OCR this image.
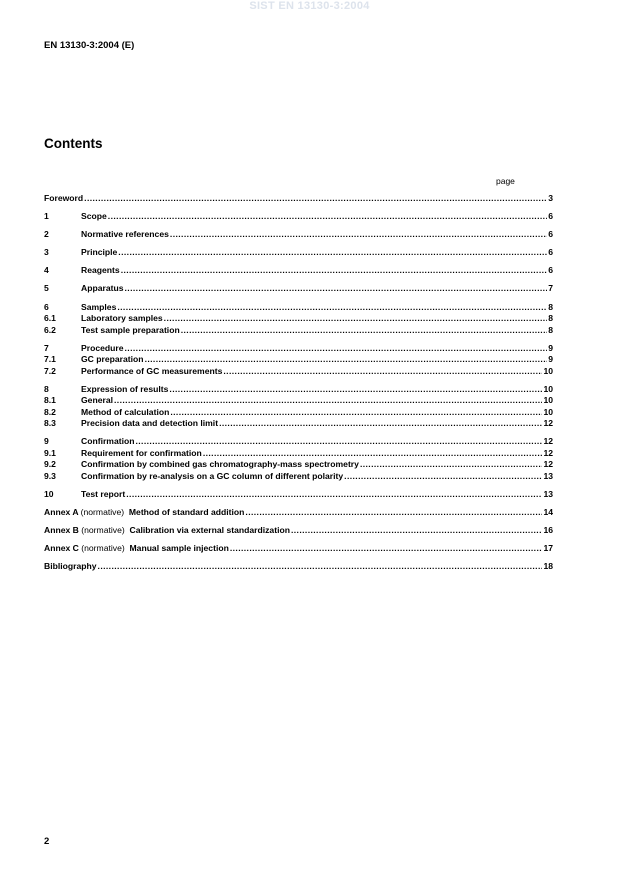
SIST EN 13130-3:2004
EN 13130-3:2004 (E)
Contents
page
Foreword .....	3
1	Scope .....	6
2	Normative references .....	6
3	Principle .....	6
4	Reagents .....	6
5	Apparatus .....	7
6	Samples .....	8
6.1	Laboratory samples .....	8
6.2	Test sample preparation .....	8
7	Procedure .....	9
7.1	GC preparation .....	9
7.2	Performance of GC measurements .....	10
8	Expression of results .....	10
8.1	General .....	10
8.2	Method of calculation .....	10
8.3	Precision data and detection limit .....	12
9	Confirmation .....	12
9.1	Requirement for confirmation .....	12
9.2	Confirmation by combined gas chromatography-mass spectrometry .....	12
9.3	Confirmation by re-analysis on a GC column of different polarity .....	13
10	Test report .....	13
Annex A (normative) Method of standard addition .....	14
Annex B (normative) Calibration via external standardization .....	16
Annex C (normative) Manual sample injection .....	17
Bibliography .....	18
2
